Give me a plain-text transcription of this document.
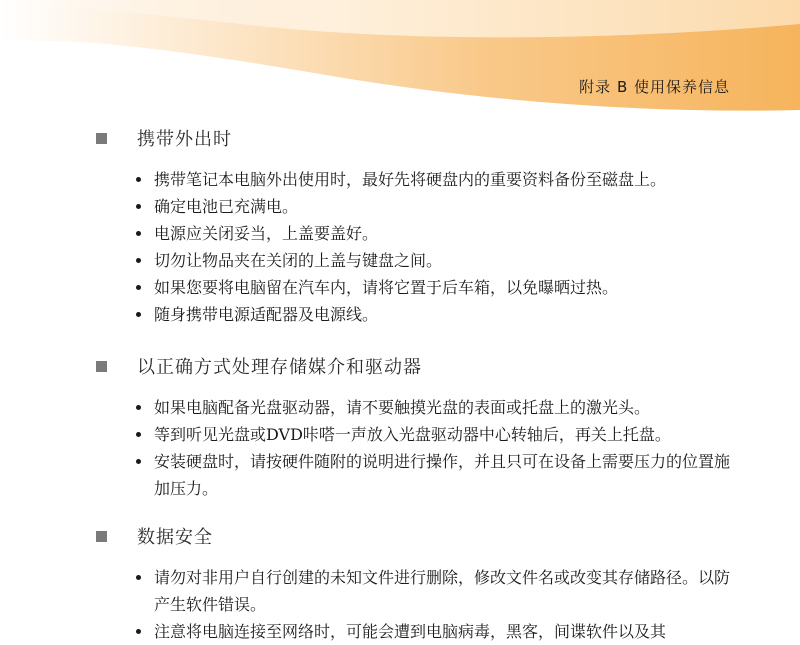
附录 B 使用保养信息
携带外出时
携带笔记本电脑外出使用时，最好先将硬盘内的重要资料备份至磁盘上。
确定电池已充满电。
电源应关闭妥当，上盖要盖好。
切勿让物品夹在关闭的上盖与键盘之间。
如果您要将电脑留在汽车内，请将它置于后车箱，以免曝晒过热。
随身携带电源适配器及电源线。
以正确方式处理存储媒介和驱动器
如果电脑配备光盘驱动器，请不要触摸光盘的表面或托盘上的激光头。
等到听见光盘或DVD咔嗒一声放入光盘驱动器中心转轴后，再关上托盘。
安装硬盘时，请按硬件随附的说明进行操作，并且只可在设备上需要压力的位置施加压力。
数据安全
请勿对非用户自行创建的未知文件进行删除，修改文件名或改变其存储路径。以防产生软件错误。
注意将电脑连接至网络时，可能会遭到电脑病毒，黑客，间谍软件以及其
